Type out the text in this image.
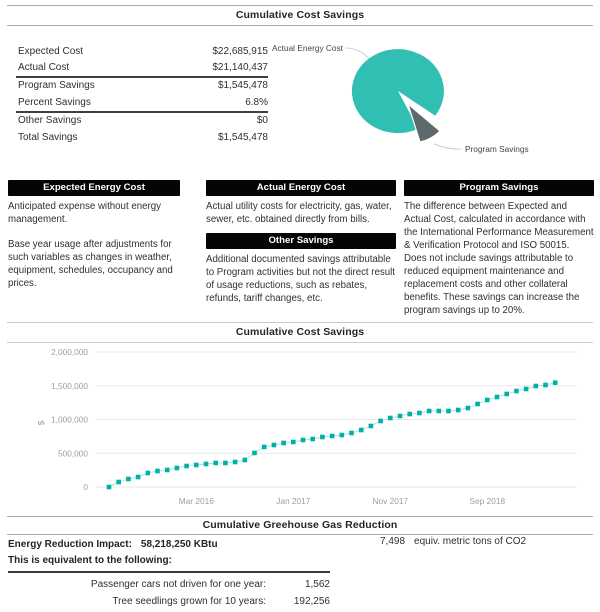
Cumulative Cost Savings
Expected Cost	$22,685,915
Actual Cost	$21,140,437
Program Savings	$1,545,478
Percent Savings	6.8%
Other Savings	$0
Total Savings	$1,545,478
Actual Energy Cost
Program Savings
Expected Energy Cost

Anticipated expense without energy management.

Base year usage after adjustments for such variables as changes in weather, equipment, schedules, occupancy and prices.

Actual Energy Cost
Actual utility costs for electricity, gas, water, sewer, etc. obtained directly from bills.
Other Savings
Additional documented savings attributable to Program activities but not the direct result of usage reductions, such as rebates, refunds, tariff changes, etc.
Program Savings
The difference between Expected and Actual Cost, calculated in accordance with the International Performance Measurement & Verification Protocol and ISO 50015. Does not include savings attributable to reduced equipment maintenance and replacement costs and other collateral benefits. These savings can increase the program savings up to 20%.
Cumulative Cost Savings
0
500,000
1,000,000
1,500,000
2,000,000
Mar 2016	Jan 2017	Nov 2017	Sep 2018
$
Cumulative Greehouse Gas Reduction
Energy Reduction Impact: 58,218,250 KBtu	7,498 equiv. metric tons of CO2
This is equivalent to the following:
Passenger cars not driven for one year:	1,562
Tree seedlings grown for 10 years:	192,256
